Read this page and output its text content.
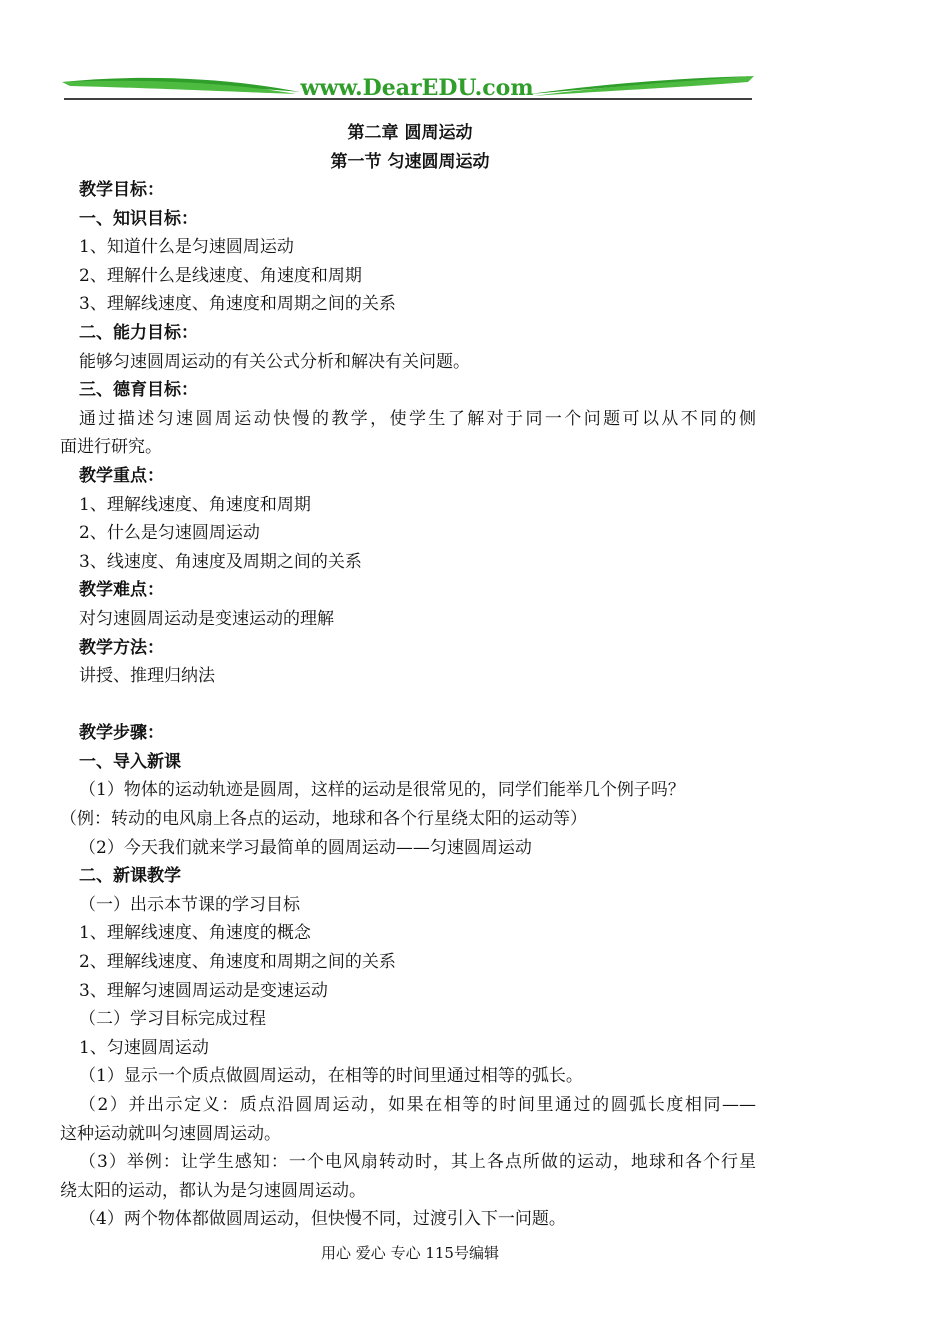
www.DearEDU.com
第二章 圆周运动
第一节 匀速圆周运动
教学目标：
一、知识目标：
1、知道什么是匀速圆周运动
2、理解什么是线速度、角速度和周期
3、理解线速度、角速度和周期之间的关系
二、能力目标：
能够匀速圆周运动的有关公式分析和解决有关问题。
三、德育目标：
通过描述匀速圆周运动快慢的教学，使学生了解对于同一个问题可以从不同的侧
面进行研究。
教学重点：
1、理解线速度、角速度和周期
2、什么是匀速圆周运动
3、线速度、角速度及周期之间的关系
教学难点：
对匀速圆周运动是变速运动的理解
教学方法：
讲授、推理归纳法
教学步骤：
一、导入新课
（1）物体的运动轨迹是圆周，这样的运动是很常见的，同学们能举几个例子吗？
（例：转动的电风扇上各点的运动，地球和各个行星绕太阳的运动等）
（2）今天我们就来学习最简单的圆周运动——匀速圆周运动
二、新课教学
（一）出示本节课的学习目标
1、理解线速度、角速度的概念
2、理解线速度、角速度和周期之间的关系
3、理解匀速圆周运动是变速运动
（二）学习目标完成过程
1、匀速圆周运动
（1）显示一个质点做圆周运动，在相等的时间里通过相等的弧长。
（2）并出示定义：质点沿圆周运动，如果在相等的时间里通过的圆弧长度相同——
这种运动就叫匀速圆周运动。
（3）举例：让学生感知：一个电风扇转动时，其上各点所做的运动，地球和各个行星
绕太阳的运动，都认为是匀速圆周运动。
（4）两个物体都做圆周运动，但快慢不同，过渡引入下一问题。
用心 爱心 专心 115号编辑
